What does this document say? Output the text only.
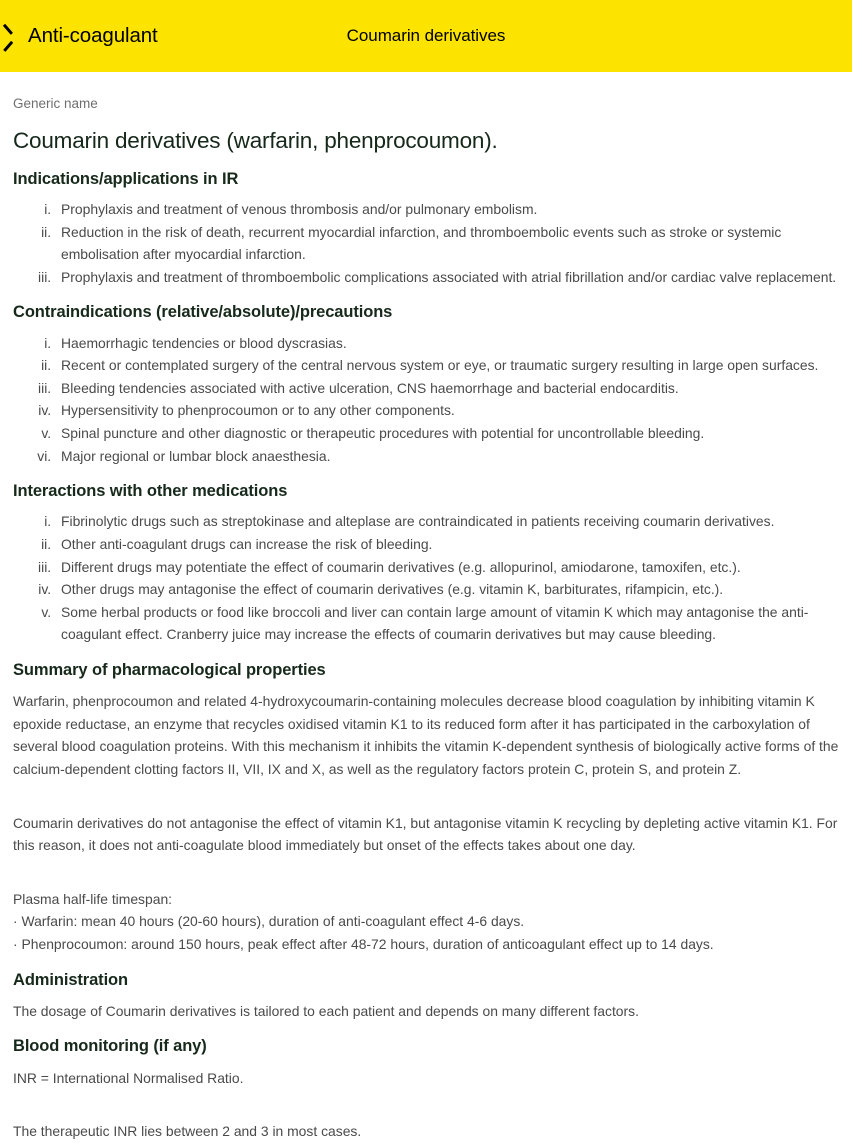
Anti-coagulant	Coumarin derivatives

Generic name

Coumarin derivatives (warfarin, phenprocoumon).
Indications/applications in IR
i. Prophylaxis and treatment of venous thrombosis and/or pulmonary embolism.
ii. Reduction in the risk of death, recurrent myocardial infarction, and thromboembolic events such as stroke or systemic embolisation after myocardial infarction.
iii. Prophylaxis and treatment of thromboembolic complications associated with atrial fibrillation and/or cardiac valve replacement.
Contraindications (relative/absolute)/precautions
i. Haemorrhagic tendencies or blood dyscrasias.
ii. Recent or contemplated surgery of the central nervous system or eye, or traumatic surgery resulting in large open surfaces.
iii. Bleeding tendencies associated with active ulceration, CNS haemorrhage and bacterial endocarditis.
iv. Hypersensitivity to phenprocoumon or to any other components.
v. Spinal puncture and other diagnostic or therapeutic procedures with potential for uncontrollable bleeding.
vi. Major regional or lumbar block anaesthesia.
Interactions with other medications
i. Fibrinolytic drugs such as streptokinase and alteplase are contraindicated in patients receiving coumarin derivatives.
ii. Other anti-coagulant drugs can increase the risk of bleeding.
iii. Different drugs may potentiate the effect of coumarin derivatives (e.g. allopurinol, amiodarone, tamoxifen, etc.).
iv. Other drugs may antagonise the effect of coumarin derivatives (e.g. vitamin K, barbiturates, rifampicin, etc.).
v. Some herbal products or food like broccoli and liver can contain large amount of vitamin K which may antagonise the anti-coagulant effect. Cranberry juice may increase the effects of coumarin derivatives but may cause bleeding.
Summary of pharmacological properties

Warfarin, phenprocoumon and related 4-hydroxycoumarin-containing molecules decrease blood coagulation by inhibiting vitamin K epoxide reductase, an enzyme that recycles oxidised vitamin K1 to its reduced form after it has participated in the carboxylation of several blood coagulation proteins. With this mechanism it inhibits the vitamin K-dependent synthesis of biologically active forms of the calcium-dependent clotting factors II, VII, IX and X, as well as the regulatory factors protein C, protein S, and protein Z.

Coumarin derivatives do not antagonise the effect of vitamin K1, but antagonise vitamin K recycling by depleting active vitamin K1. For this reason, it does not anti-coagulate blood immediately but onset of the effects takes about one day.

Plasma half-life timespan:

· Warfarin: mean 40 hours (20-60 hours), duration of anti-coagulant effect 4-6 days.

· Phenprocoumon: around 150 hours, peak effect after 48-72 hours, duration of anticoagulant effect up to 14 days.

Administration

The dosage of Coumarin derivatives is tailored to each patient and depends on many different factors.

Blood monitoring (if any)

INR = International Normalised Ratio.

The therapeutic INR lies between 2 and 3 in most cases.
